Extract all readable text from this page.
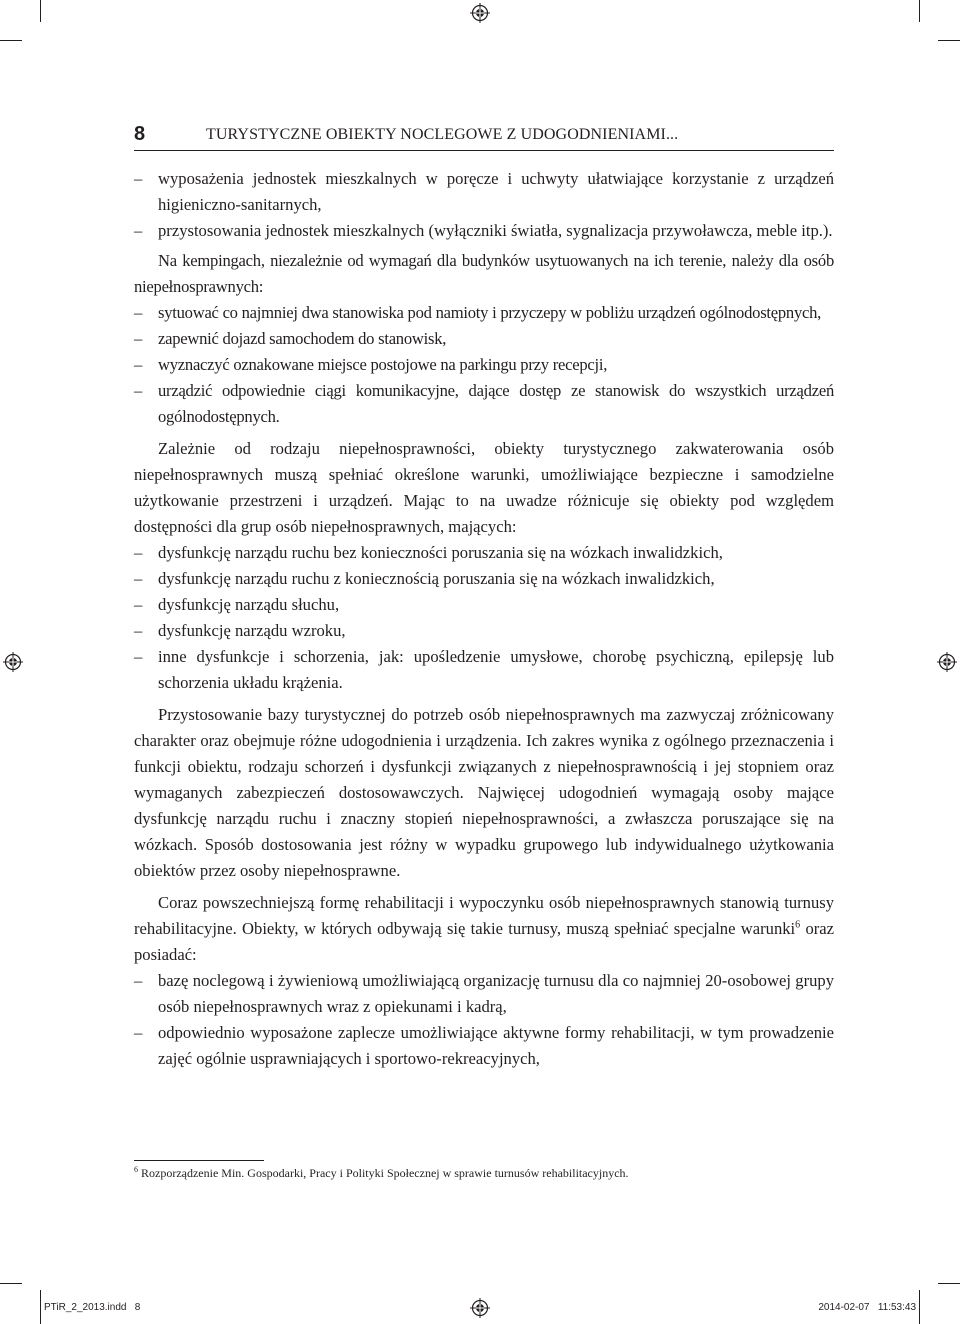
8	TURYSTYCZNE OBIEKTY NOCLEGOWE Z UDOGODNIENIAMI...
– wyposażenia jednostek mieszkalnych w poręcze i uchwyty ułatwiające korzystanie z urządzeń higieniczno-sanitarnych,
– przystosowania jednostek mieszkalnych (wyłączniki światła, sygnalizacja przywoławcza, meble itp.).

Na kempingach, niezależnie od wymagań dla budynków usytuowanych na ich terenie, należy dla osób niepełnosprawnych:

– sytuować co najmniej dwa stanowiska pod namioty i przyczepy w pobliżu urządzeń ogólnodostępnych,
– zapewnić dojazd samochodem do stanowisk,
– wyznaczyć oznakowane miejsce postojowe na parkingu przy recepcji,
– urządzić odpowiednie ciągi komunikacyjne, dające dostęp ze stanowisk do wszystkich urządzeń ogólnodostępnych.

Zależnie od rodzaju niepełnosprawności, obiekty turystycznego zakwaterowania osób niepełnosprawnych muszą spełniać określone warunki, umożliwiające bezpieczne i samodzielne użytkowanie przestrzeni i urządzeń. Mając to na uwadze różnicuje się obiekty pod względem dostępności dla grup osób niepełnosprawnych, mających:

– dysfunkcję narządu ruchu bez konieczności poruszania się na wózkach inwalidzkich,
– dysfunkcję narządu ruchu z koniecznością poruszania się na wózkach inwalidzkich,
– dysfunkcję narządu słuchu,
– dysfunkcję narządu wzroku,
– inne dysfunkcje i schorzenia, jak: upośledzenie umysłowe, chorobę psychiczną, epilepsję lub schorzenia układu krążenia.

Przystosowanie bazy turystycznej do potrzeb osób niepełnosprawnych ma zazwyczaj zróżnicowany charakter oraz obejmuje różne udogodnienia i urządzenia. Ich zakres wynika z ogólnego przeznaczenia i funkcji obiektu, rodzaju schorzeń i dysfunkcji związanych z niepełnosprawnością i jej stopniem oraz wymaganych zabezpieczeń dostosowawczych. Najwięcej udogodnień wymagają osoby mające dysfunkcję narządu ruchu i znaczny stopień niepełnosprawności, a zwłaszcza poruszające się na wózkach. Sposób dostosowania jest różny w wypadku grupowego lub indywidualnego użytkowania obiektów przez osoby niepełnosprawne.

Coraz powszechniejszą formę rehabilitacji i wypoczynku osób niepełnosprawnych stanowią turnusy rehabilitacyjne. Obiekty, w których odbywają się takie turnusy, muszą spełniać specjalne warunki$^6$ oraz posiadać:

– bazę noclegową i żywieniową umożliwiającą organizację turnusu dla co najmniej 20-osobowej grupy osób niepełnosprawnych wraz z opiekunami i kadrą,
– odpowiednio wyposażone zaplecze umożliwiające aktywne formy rehabilitacji, w tym prowadzenie zajęć ogólnie usprawniających i sportowo-rekreacyjnych,
$^6$ Rozporządzenie Min. Gospodarki, Pracy i Polityki Społecznej w sprawie turnusów rehabilitacyjnych.
PTiR_2_2013.indd   8	2014-02-07   11:53:43
